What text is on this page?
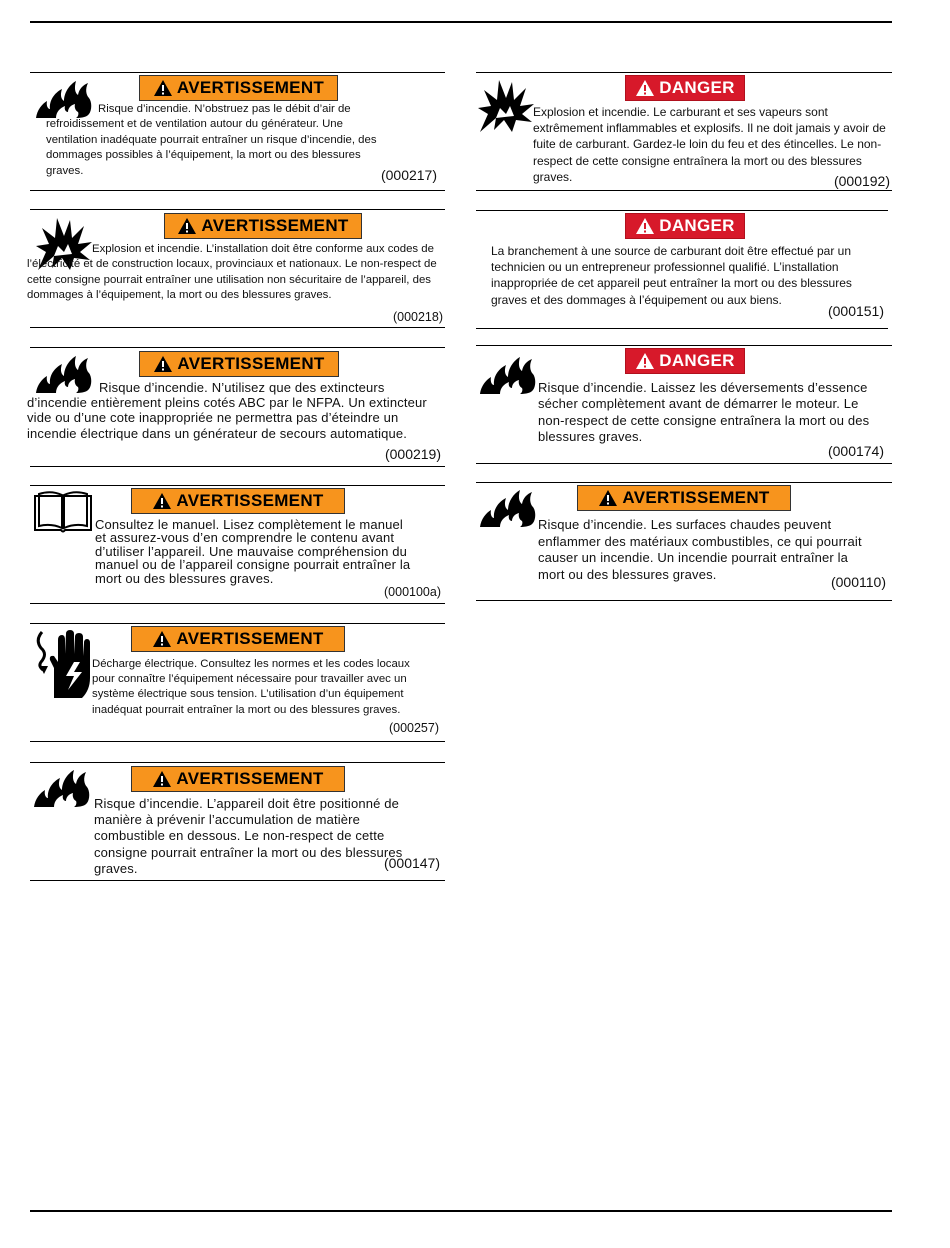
AVERTISSEMENT

Risque d’incendie. N’obstruez pas le débit d’air de refroidissement et de ventilation autour du générateur. Une ventilation inadéquate pourrait entraîner un risque d’incendie, des dommages possibles à l’équipement, la mort ou des blessures graves.	(000217)
AVERTISSEMENT

Explosion et incendie. L’installation doit être conforme aux codes de l’électricité et de construction locaux, provinciaux et nationaux. Le non-respect de cette consigne pourrait entraîner une utilisation non sécuritaire de l’appareil, des dommages à l’équipement, la mort ou des blessures graves.

(000218)
AVERTISSEMENT

Risque d’incendie. N’utilisez que des extincteurs d’incendie entièrement pleins cotés ABC par le NFPA. Un extincteur vide ou d’une cote inappropriée ne permettra pas d’éteindre un incendie électrique dans un générateur de secours automatique.

(000219)
AVERTISSEMENT

Consultez le manuel. Lisez complètement le manuel et assurez-vous d’en comprendre le contenu avant d’utiliser l’appareil. Une mauvaise compréhension du manuel ou de l’appareil consigne pourrait entraîner la mort ou des blessures graves.

(000100a)
AVERTISSEMENT

Décharge électrique. Consultez les normes et les codes locaux pour connaître l’équipement nécessaire pour travailler avec un système électrique sous tension. L’utilisation d’un équipement inadéquat pourrait entraîner la mort ou des blessures graves.

(000257)
AVERTISSEMENT

Risque d’incendie. L’appareil doit être positionné de manière à prévenir l’accumulation de matière combustible en dessous. Le non-respect de cette consigne pourrait entraîner la mort ou des blessures graves.	(000147)
DANGER

Explosion et incendie. Le carburant et ses vapeurs sont extrêmement inflammables et explosifs. Il ne doit jamais y avoir de fuite de carburant. Gardez-le loin du feu et des étincelles. Le non-respect de cette consigne entraînera la mort ou des blessures graves.	(000192)
DANGER

La branchement à une source de carburant doit être effectué par un technicien ou un entrepreneur professionnel qualifié. L’installation inappropriée de cet appareil peut entraîner la mort ou des blessures graves et des dommages à l’équipement ou aux biens.

(000151)
DANGER

Risque d’incendie. Laissez les déversements d’essence sécher complètement avant de démarrer le moteur. Le non-respect de cette consigne entraînera la mort ou des blessures graves.

(000174)
AVERTISSEMENT

Risque d’incendie. Les surfaces chaudes peuvent enflammer des matériaux combustibles, ce qui pourrait causer un incendie. Un incendie pourrait entraîner la mort ou des blessures graves.	(000110)
